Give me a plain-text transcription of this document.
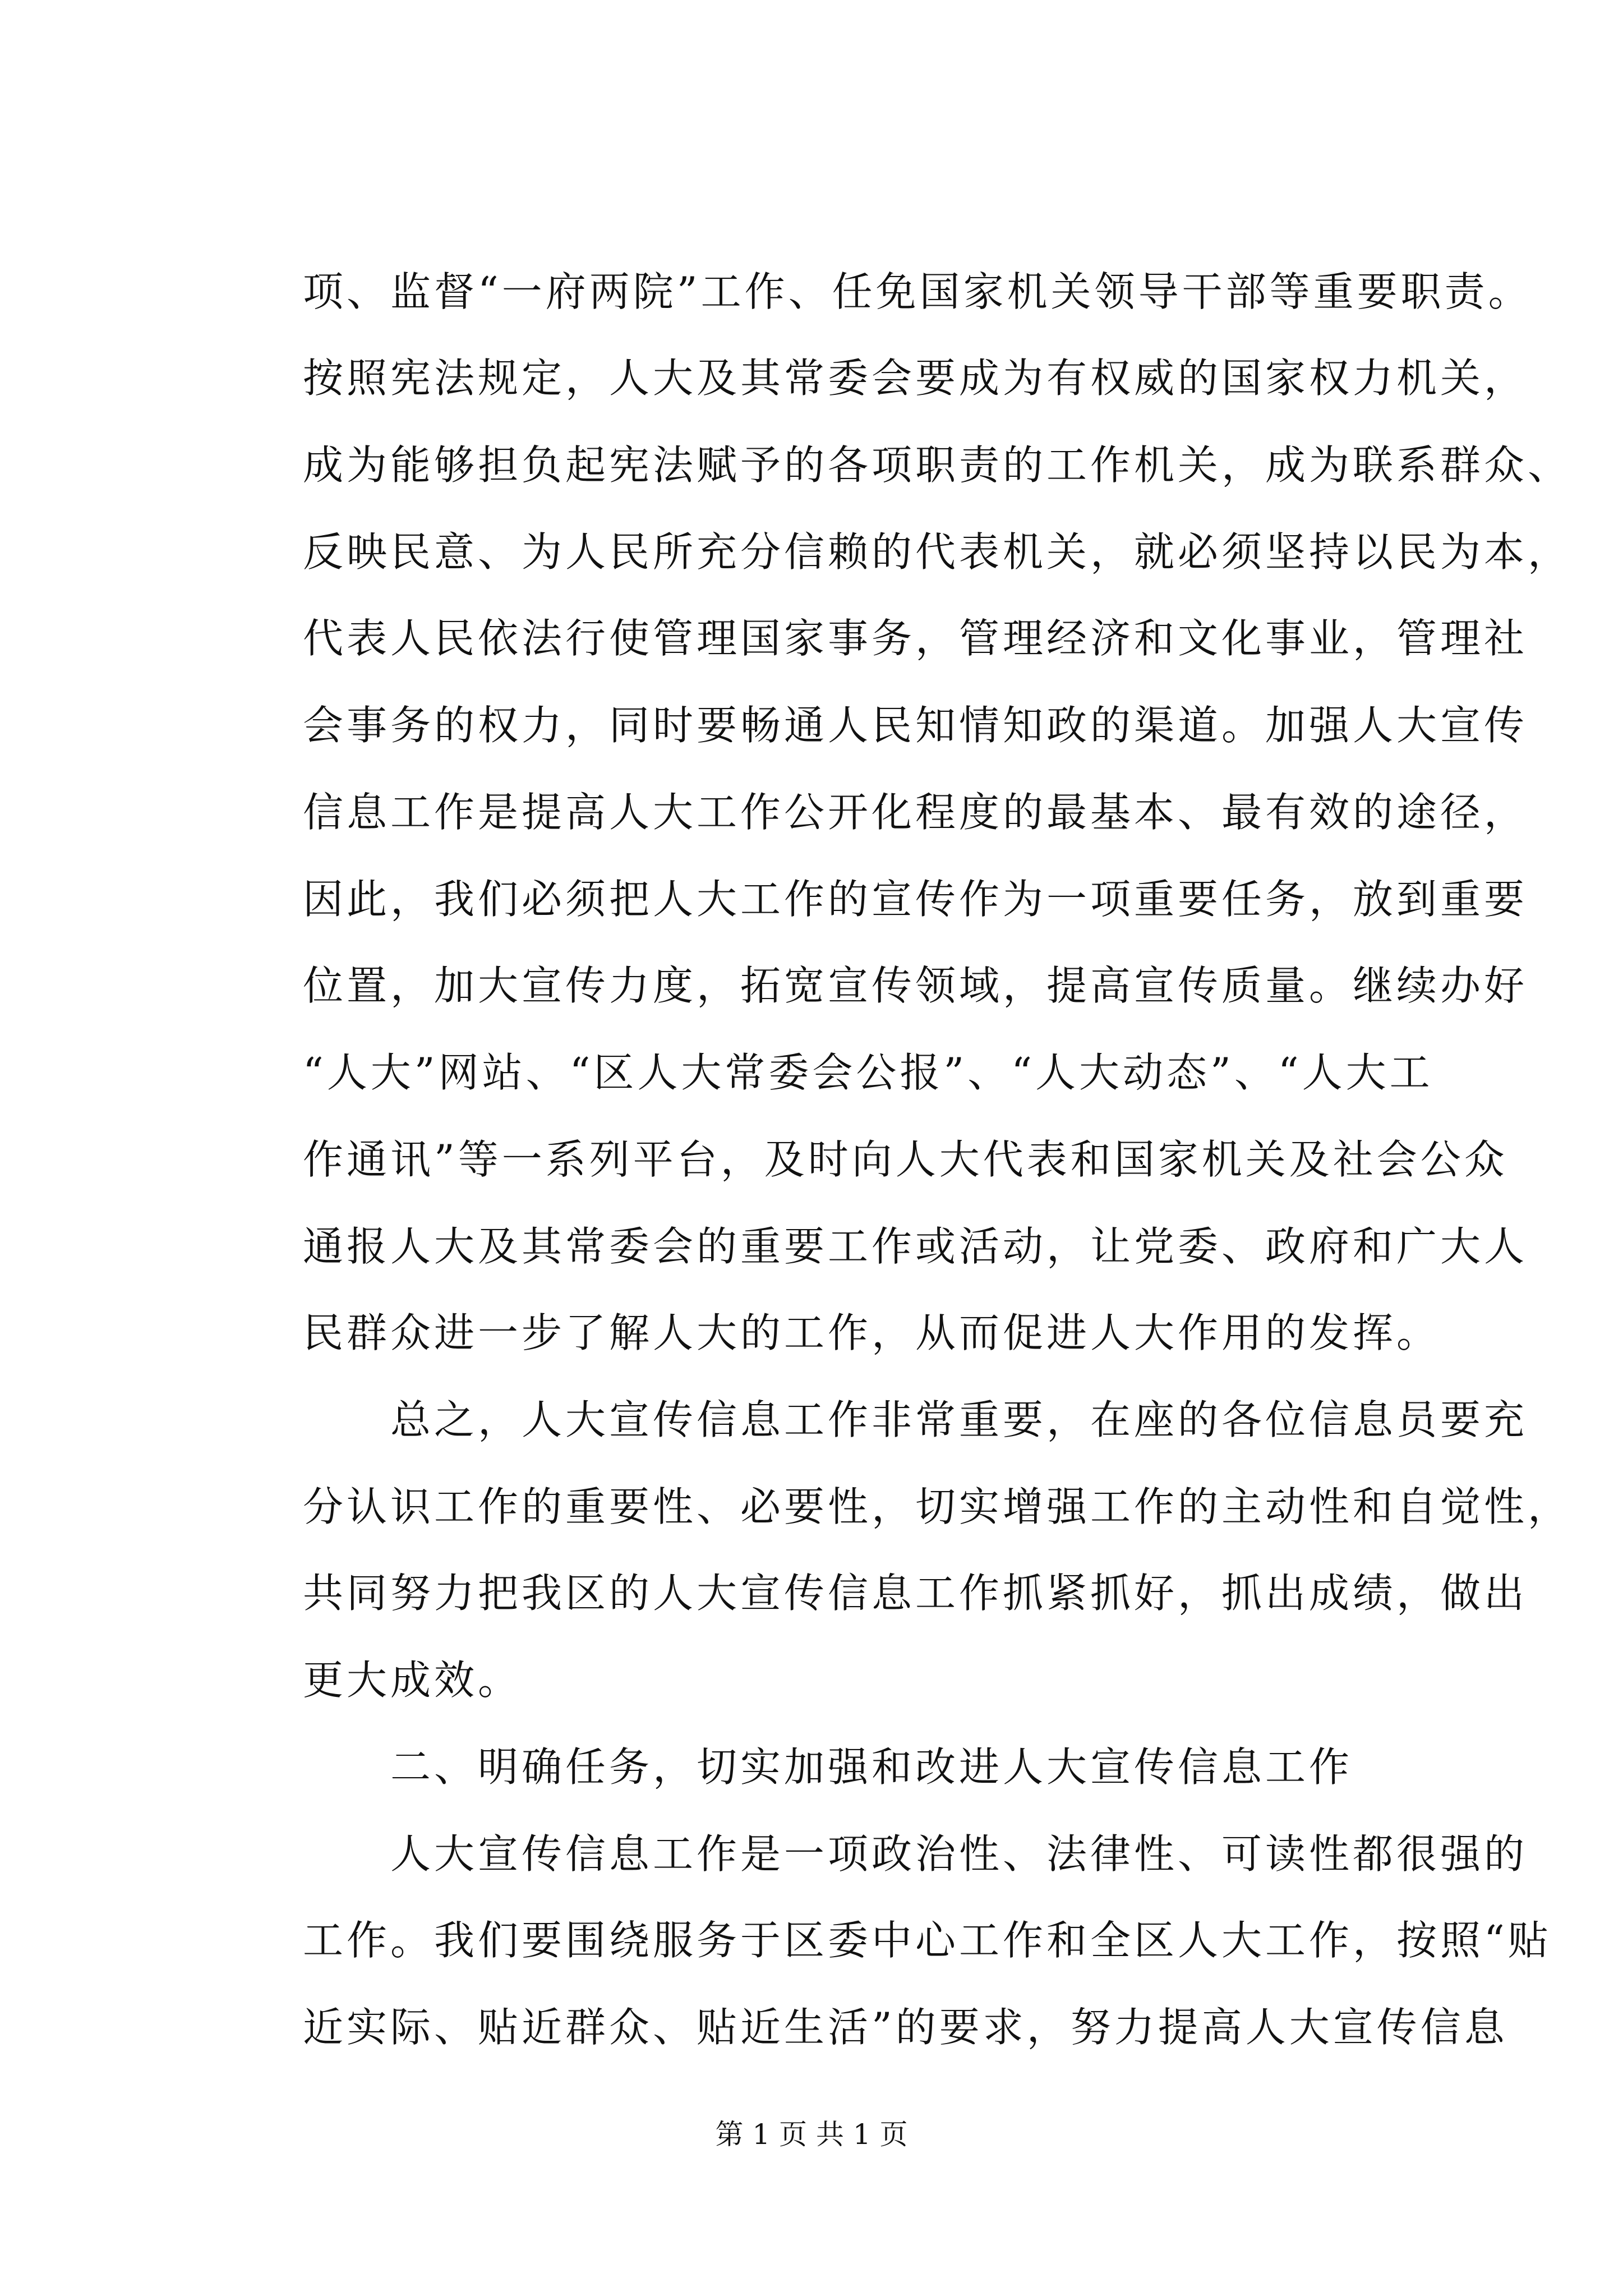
项、监督“一府两院”工作、任免国家机关领导干部等重要职责。
按照宪法规定，人大及其常委会要成为有权威的国家权力机关，
成为能够担负起宪法赋予的各项职责的工作机关，成为联系群众、
反映民意、为人民所充分信赖的代表机关，就必须坚持以民为本，
代表人民依法行使管理国家事务，管理经济和文化事业，管理社
会事务的权力，同时要畅通人民知情知政的渠道。加强人大宣传
信息工作是提高人大工作公开化程度的最基本、最有效的途径，
因此，我们必须把人大工作的宣传作为一项重要任务，放到重要
位置，加大宣传力度，拓宽宣传领域，提高宣传质量。继续办好
“人大”网站、“区人大常委会公报”、“人大动态”、“人大工
作通讯”等一系列平台，及时向人大代表和国家机关及社会公众
通报人大及其常委会的重要工作或活动，让党委、政府和广大人
民群众进一步了解人大的工作，从而促进人大作用的发挥。
　　总之，人大宣传信息工作非常重要，在座的各位信息员要充
分认识工作的重要性、必要性，切实增强工作的主动性和自觉性，
共同努力把我区的人大宣传信息工作抓紧抓好，抓出成绩，做出
更大成效。
　　二、明确任务，切实加强和改进人大宣传信息工作
　　人大宣传信息工作是一项政治性、法律性、可读性都很强的
工作。我们要围绕服务于区委中心工作和全区人大工作，按照“贴
近实际、贴近群众、贴近生活”的要求，努力提高人大宣传信息
第 1 页 共 1 页
